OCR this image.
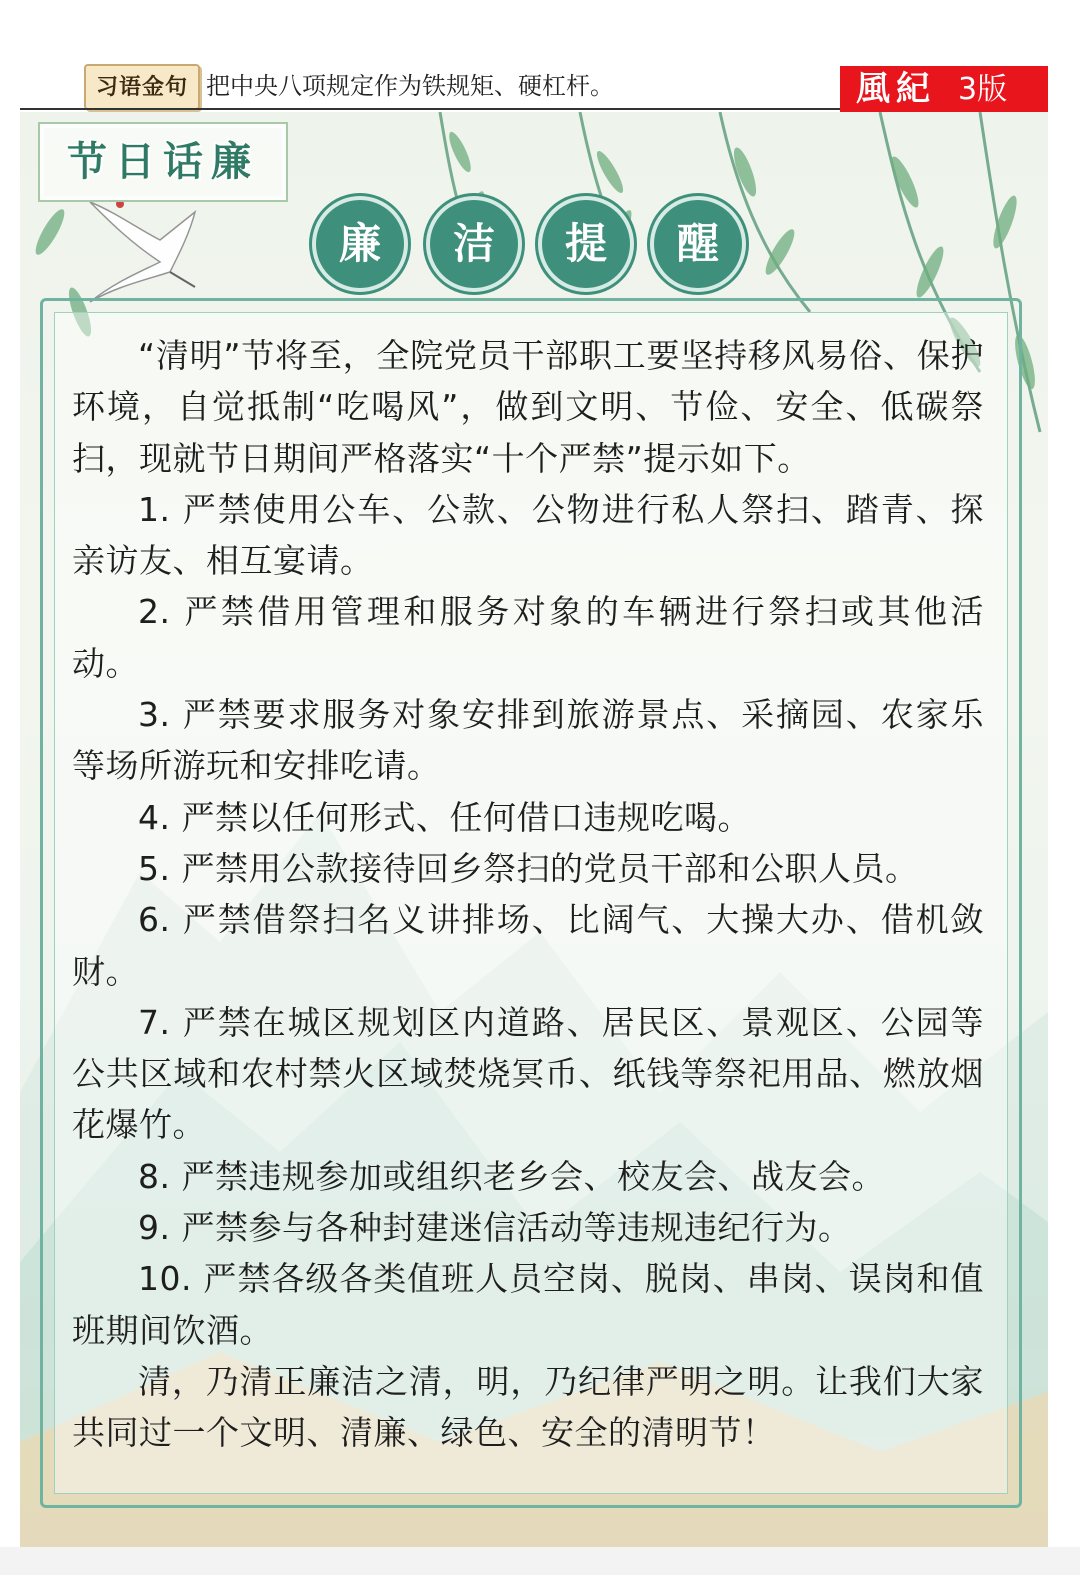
习语金句 把中央八项规定作为铁规矩、硬杠杆。	風紀 3版
节日话廉
廉	洁	提	醒

“清明”节将至，全院党员干部职工要坚持移风易俗、保护环境，自觉抵制“吃喝风”，做到文明、节俭、安全、低碳祭扫，现就节日期间严格落实“十个严禁”提示如下。

1. 严禁使用公车、公款、公物进行私人祭扫、踏青、探亲访友、相互宴请。

2. 严禁借用管理和服务对象的车辆进行祭扫或其他活动。

3. 严禁要求服务对象安排到旅游景点、采摘园、农家乐等场所游玩和安排吃请。

4. 严禁以任何形式、任何借口违规吃喝。

5. 严禁用公款接待回乡祭扫的党员干部和公职人员。

6. 严禁借祭扫名义讲排场、比阔气、大操大办、借机敛财。

7. 严禁在城区规划区内道路、居民区、景观区、公园等公共区域和农村禁火区域焚烧冥币、纸钱等祭祀用品、燃放烟花爆竹。

8. 严禁违规参加或组织老乡会、校友会、战友会。

9. 严禁参与各种封建迷信活动等违规违纪行为。

10. 严禁各级各类值班人员空岗、脱岗、串岗、误岗和值班期间饮酒。

清，乃清正廉洁之清，明，乃纪律严明之明。让我们大家共同过一个文明、清廉、绿色、安全的清明节！
